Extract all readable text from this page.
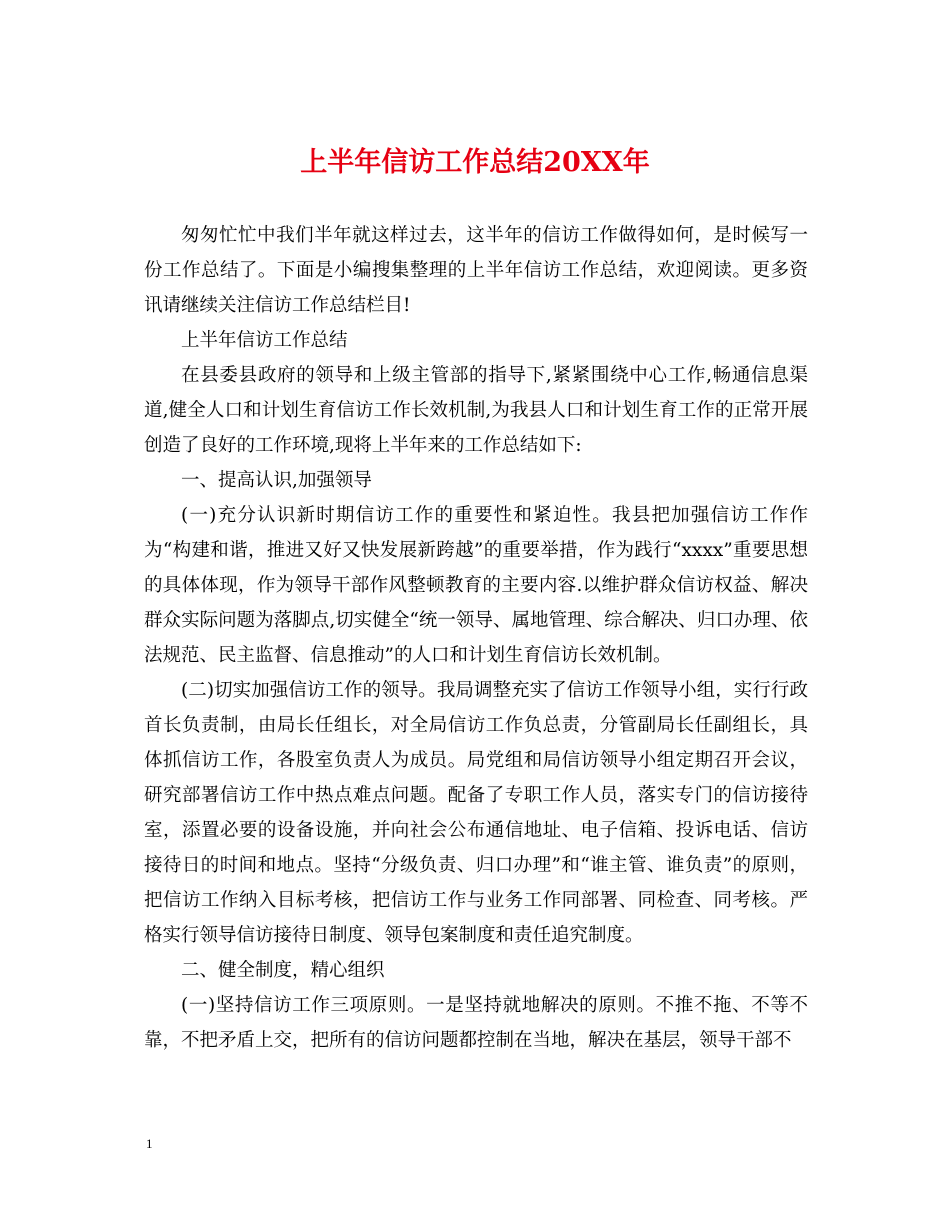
上半年信访工作总结20XX年

匆匆忙忙中我们半年就这样过去，这半年的信访工作做得如何，是时候写一份工作总结了。下面是小编搜集整理的上半年信访工作总结，欢迎阅读。更多资讯请继续关注信访工作总结栏目!

上半年信访工作总结

在县委县政府的领导和上级主管部的指导下,紧紧围绕中心工作,畅通信息渠道,健全人口和计划生育信访工作长效机制,为我县人口和计划生育工作的正常开展创造了良好的工作环境,现将上半年来的工作总结如下:

一、提高认识,加强领导

(一)充分认识新时期信访工作的重要性和紧迫性。我县把加强信访工作作为“构建和谐，推进又好又快发展新跨越”的重要举措，作为践行“xxxx”重要思想的具体体现，作为领导干部作风整顿教育的主要内容.以维护群众信访权益、解决群众实际问题为落脚点,切实健全“统一领导、属地管理、综合解决、归口办理、依法规范、民主监督、信息推动”的人口和计划生育信访长效机制。

(二)切实加强信访工作的领导。我局调整充实了信访工作领导小组，实行行政首长负责制，由局长任组长，对全局信访工作负总责，分管副局长任副组长，具体抓信访工作，各股室负责人为成员。局党组和局信访领导小组定期召开会议，研究部署信访工作中热点难点问题。配备了专职工作人员，落实专门的信访接待室，添置必要的设备设施，并向社会公布通信地址、电子信箱、投诉电话、信访接待日的时间和地点。坚持“分级负责、归口办理”和“谁主管、谁负责”的原则，把信访工作纳入目标考核，把信访工作与业务工作同部署、同检查、同考核。严格实行领导信访接待日制度、领导包案制度和责任追究制度。

二、健全制度，精心组织

(一)坚持信访工作三项原则。一是坚持就地解决的原则。不推不拖、不等不靠，不把矛盾上交，把所有的信访问题都控制在当地，解决在基层，领导干部不

1
